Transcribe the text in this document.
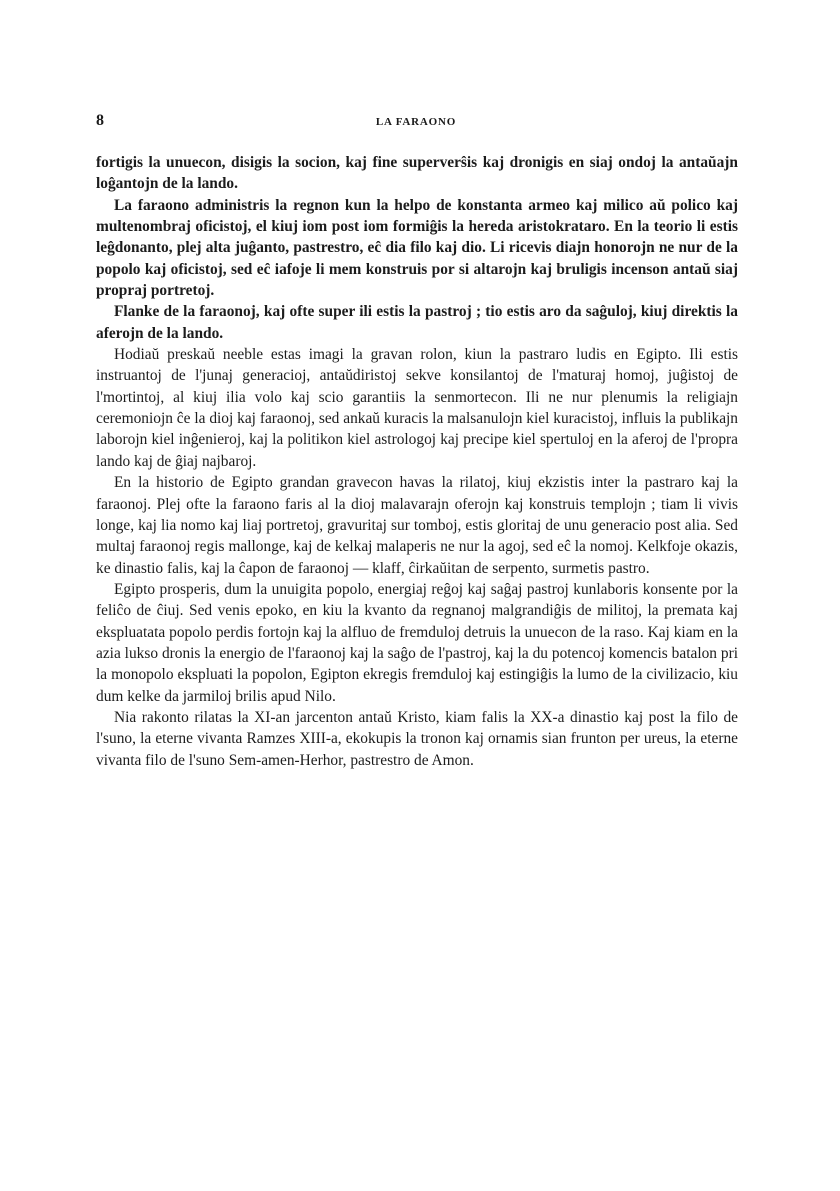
8	LA FARAONO

fortigis la unuecon, disigis la socion, kaj fine superverŝis kaj dronigis en siaj ondoj la antaŭajn loĝantojn de la lando.

La faraono administris la regnon kun la helpo de konstanta armeo kaj milico aŭ polico kaj multenombraj oficistoj, el kiuj iom post iom formiĝis la hereda aristokrataro. En la teorio li estis leĝdonanto, plej alta juĝanto, pastrestro, eĉ dia filo kaj dio. Li ricevis diajn honorojn ne nur de la popolo kaj oficistoj, sed eĉ iafoje li mem konstruis por si altarojn kaj bruligis incenson antaŭ siaj propraj portretoj.

Flanke de la faraonoj, kaj ofte super ili estis la pastroj ; tio estis aro da saĝuloj, kiuj direktis la aferojn de la lando.

Hodiaŭ preskaŭ neeble estas imagi la gravan rolon, kiun la pastraro ludis en Egipto. Ili estis instruantoj de l'junaj generacioj, antaŭdiristoj sekve konsilantoj de l'maturaj homoj, juĝistoj de l'mortintoj, al kiuj ilia volo kaj scio garantiis la senmortecon. Ili ne nur plenumis la religiajn ceremoniojn ĉe la dioj kaj faraonoj, sed ankaŭ kuracis la malsanulojn kiel kuracistoj, influis la publikajn laborojn kiel inĝenieroj, kaj la politikon kiel astrologoj kaj precipe kiel spertuloj en la aferoj de l'propra lando kaj de ĝiaj najbaroj.

En la historio de Egipto grandan gravecon havas la rilatoj, kiuj ekzistis inter la pastraro kaj la faraonoj. Plej ofte la faraono faris al la dioj malavarajn oferojn kaj konstruis templojn ; tiam li vivis longe, kaj lia nomo kaj liaj portretoj, gravuritaj sur tomboj, estis gloritaj de unu generacio post alia. Sed multaj faraonoj regis mallonge, kaj de kelkaj malaperis ne nur la agoj, sed eĉ la nomoj. Kelkfoje okazis, ke dinastio falis, kaj la ĉapon de faraonoj — klaff, ĉirkaŭitan de serpento, surmetis pastro.

Egipto prosperis, dum la unuigita popolo, energiaj reĝoj kaj saĝaj pastroj kunlaboris konsente por la feliĉo de ĉiuj. Sed venis epoko, en kiu la kvanto da regnanoj malgrandiĝis de militoj, la premata kaj ekspluatata popolo perdis fortojn kaj la alfluo de fremduloj detruis la unuecon de la raso. Kaj kiam en la azia lukso dronis la energio de l'faraonoj kaj la saĝo de l'pastroj, kaj la du potencoj komencis batalon pri la monopolo ekspluati la popolon, Egipton ekregis fremduloj kaj estingiĝis la lumo de la civilizacio, kiu dum kelke da jarmiloj brilis apud Nilo.

Nia rakonto rilatas la XI-an jarcenton antaŭ Kristo, kiam falis la XX-a dinastio kaj post la filo de l'suno, la eterne vivanta Ramzes XIII-a, ekokupis la tronon kaj ornamis sian frunton per ureus, la eterne vivanta filo de l'suno Sem-amen-Herhor, pastrestro de Amon.
